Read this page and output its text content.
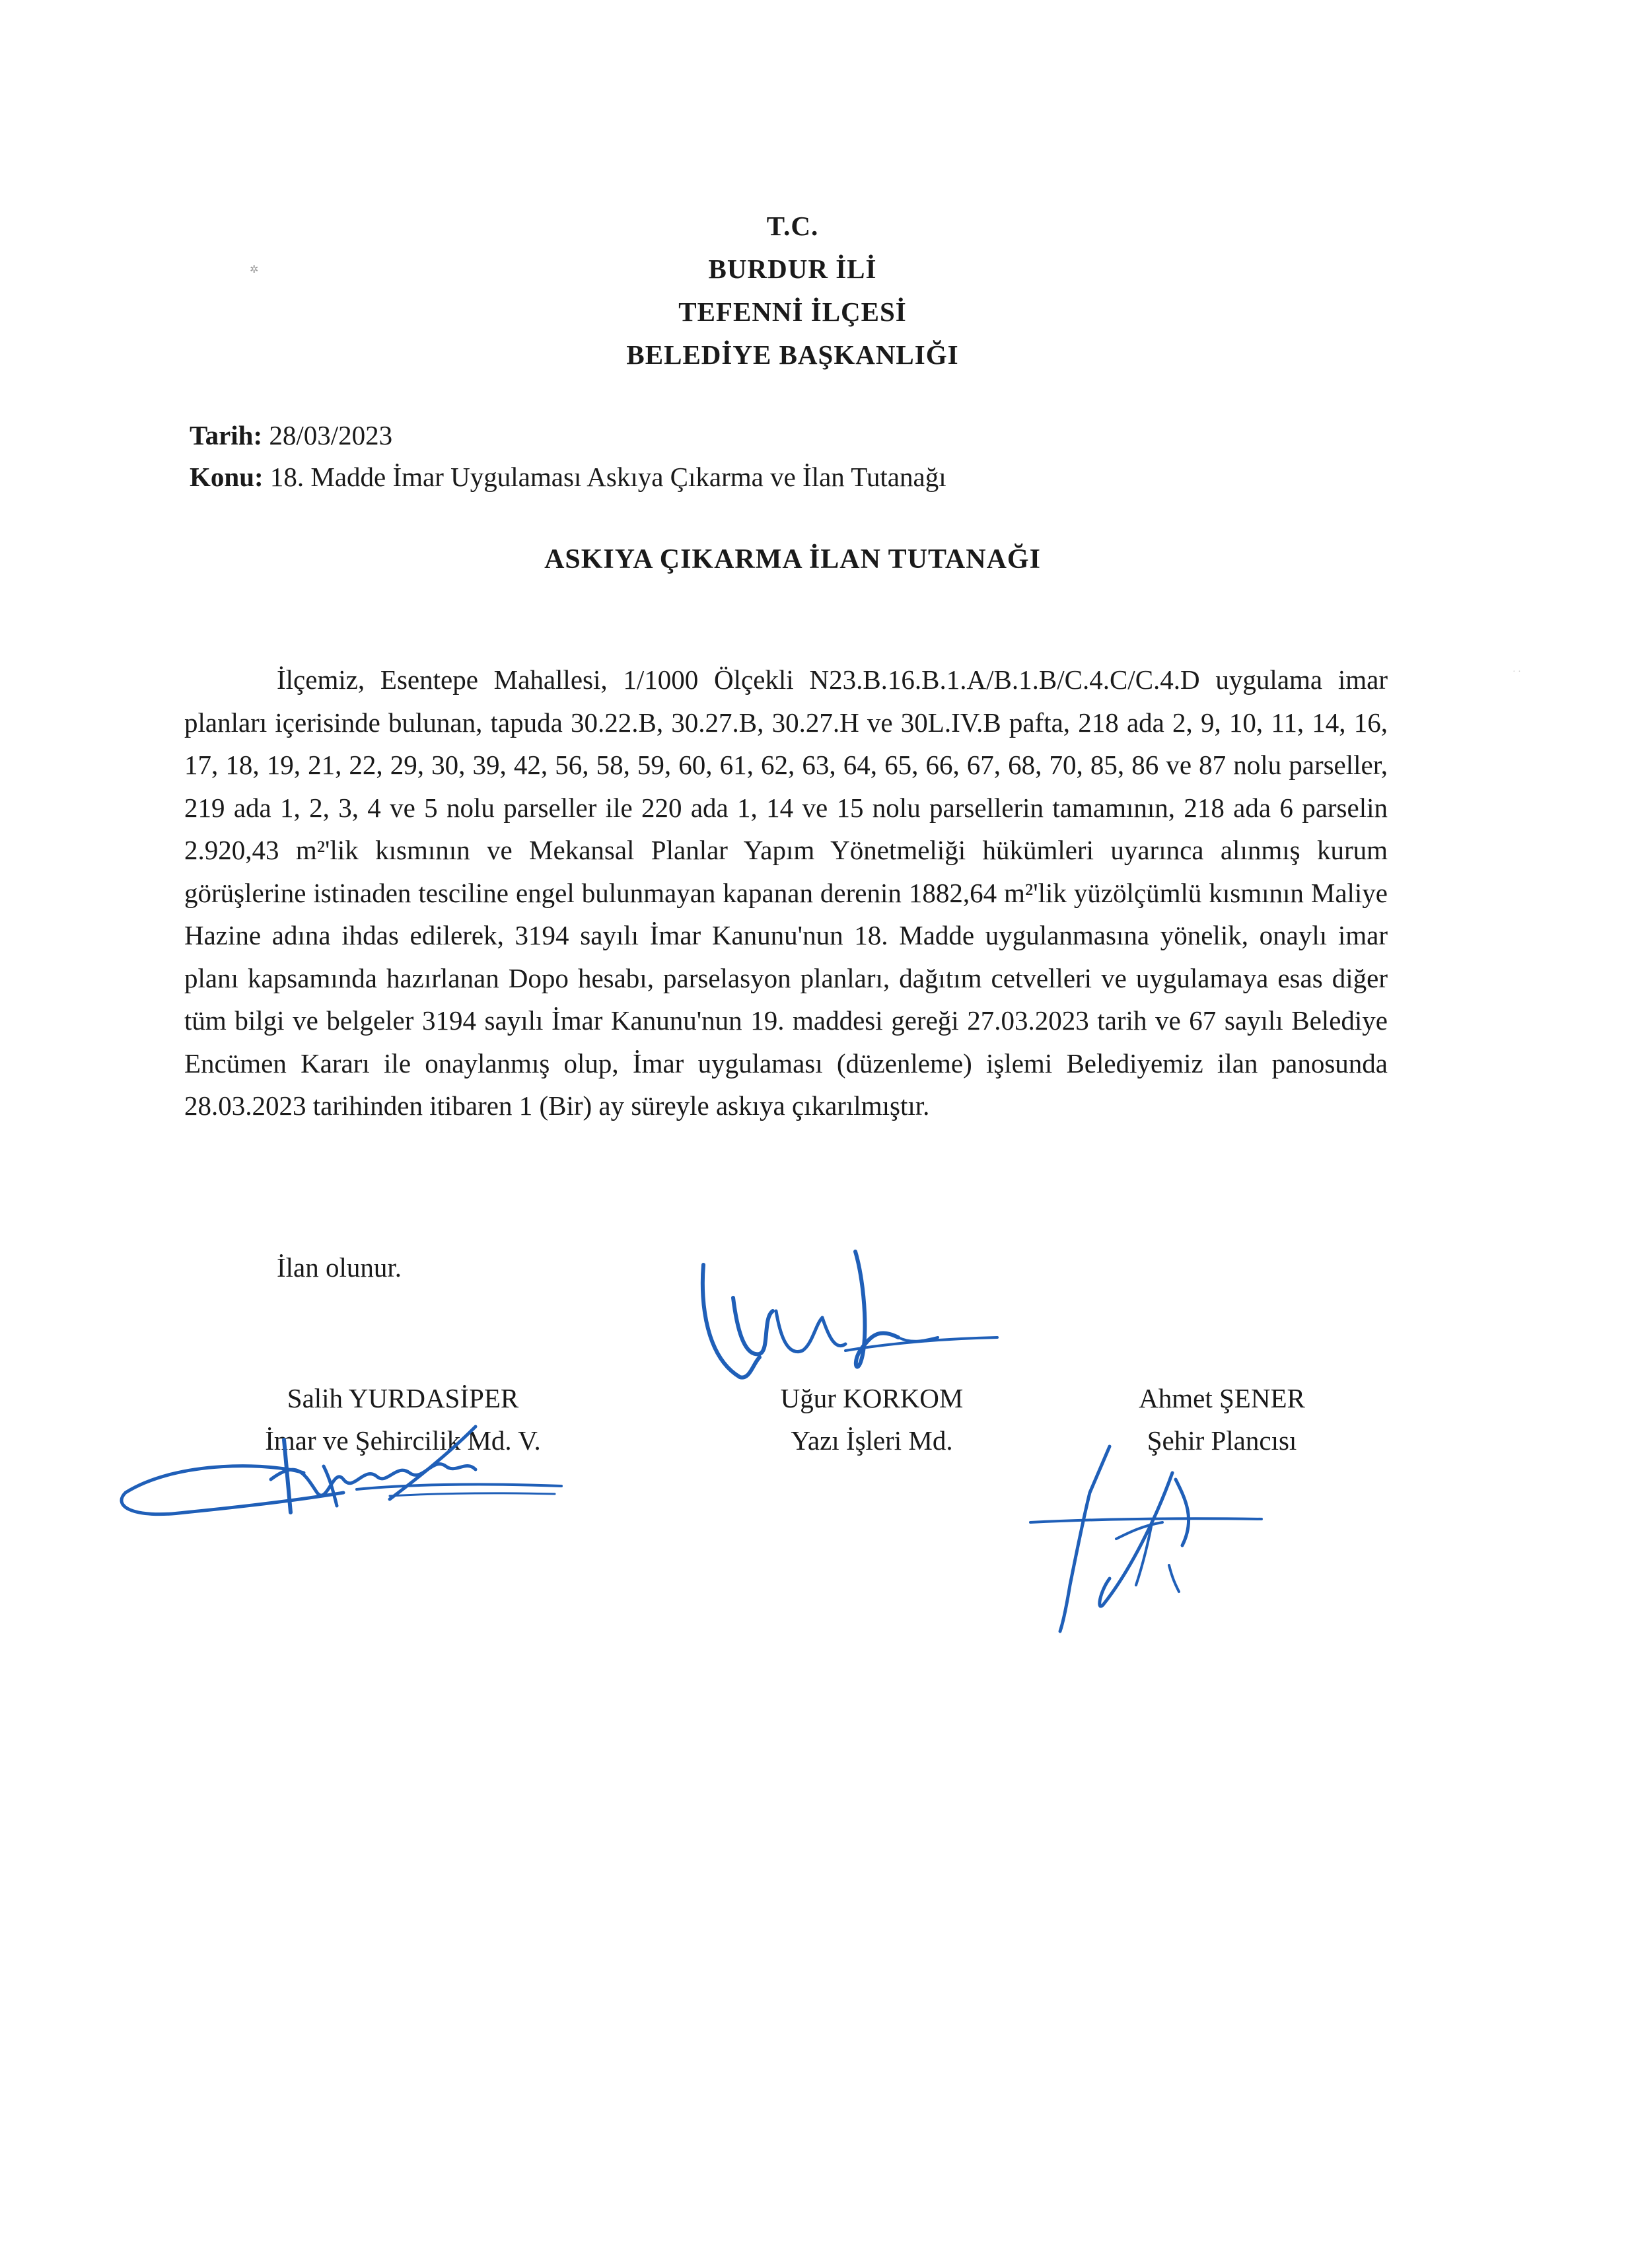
✲
· ·
T.C.
BURDUR İLİ
TEFENNİ İLÇESİ
BELEDİYE BAŞKANLIĞI
Tarih: 28/03/2023
Konu: 18. Madde İmar Uygulaması Askıya Çıkarma ve İlan Tutanağı
ASKIYA ÇIKARMA İLAN TUTANAĞI

İlçemiz, Esentepe Mahallesi, 1/1000 Ölçekli N23.B.16.B.1.A/B.1.B/C.4.C/C.4.D uygulama imar planları içerisinde bulunan, tapuda 30.22.B, 30.27.B, 30.27.H ve 30L.IV.B pafta, 218 ada 2, 9, 10, 11, 14, 16, 17, 18, 19, 21, 22, 29, 30, 39, 42, 56, 58, 59, 60, 61, 62, 63, 64, 65, 66, 67, 68, 70, 85, 86 ve 87 nolu parseller, 219 ada 1, 2, 3, 4 ve 5 nolu parseller ile 220 ada 1, 14 ve 15 nolu parsellerin tamamının, 218 ada 6 parselin 2.920,43 m²'lik kısmının ve Mekansal Planlar Yapım Yönetmeliği hükümleri uyarınca alınmış kurum görüşlerine istinaden tesciline engel bulunmayan kapanan derenin 1882,64 m²'lik yüzölçümlü kısmının Maliye Hazine adına ihdas edilerek, 3194 sayılı İmar Kanunu'nun 18. Madde uygulanmasına yönelik, onaylı imar planı kapsamında hazırlanan Dopo hesabı, parselasyon planları, dağıtım cetvelleri ve uygulamaya esas diğer tüm bilgi ve belgeler 3194 sayılı İmar Kanunu'nun 19. maddesi gereği 27.03.2023 tarih ve 67 sayılı Belediye Encümen Kararı ile onaylanmış olup, İmar uygulaması (düzenleme) işlemi Belediyemiz ilan panosunda 28.03.2023 tarihinden itibaren 1 (Bir) ay süreyle askıya çıkarılmıştır.

İlan olunur.
Salih YURDASİPER
İmar ve Şehircilik Md. V.
Uğur KORKOM
Yazı İşleri Md.
Ahmet ŞENER
Şehir Plancısı
